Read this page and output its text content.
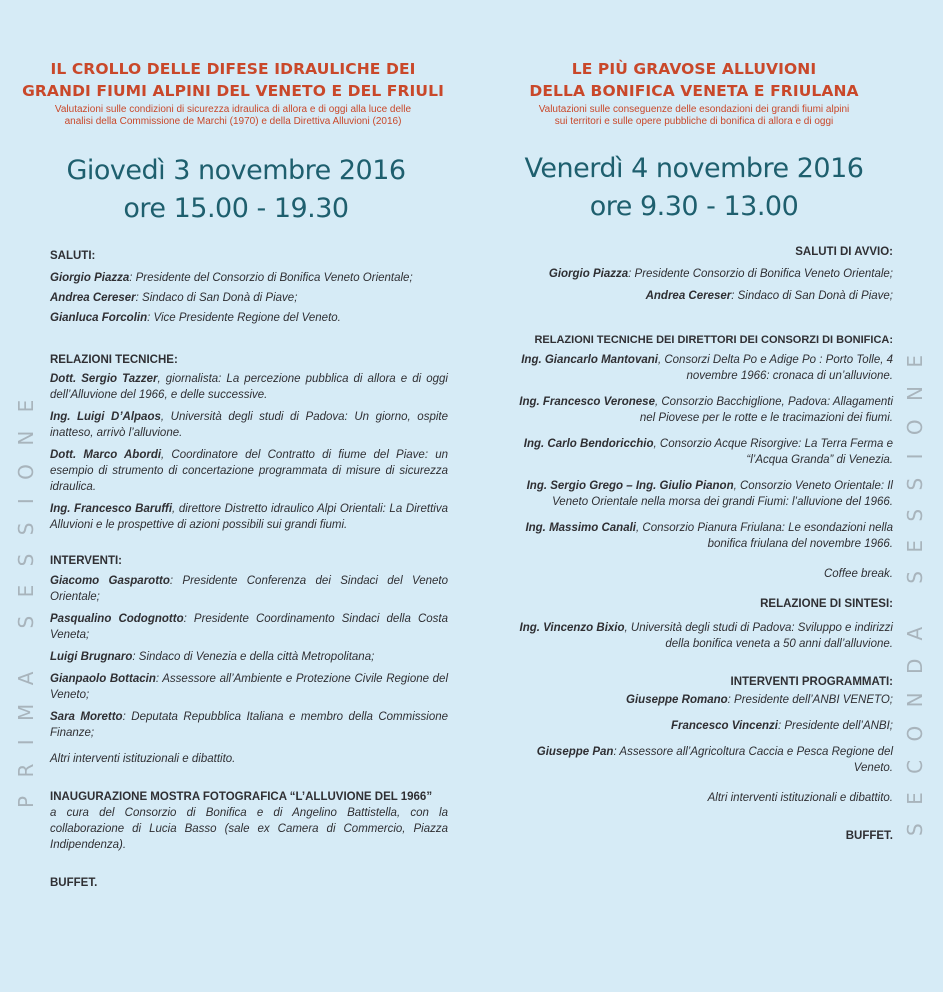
IL CROLLO DELLE DIFESE IDRAULICHE DEI
GRANDI FIUMI ALPINI DEL VENETO E DEL FRIULI
Valutazioni sulle condizioni di sicurezza idraulica di allora e di oggi alla luce delle
analisi della Commissione de Marchi (1970) e della Direttiva Alluvioni (2016)
Giovedì 3 novembre 2016
ore 15.00 - 19.30
SALUTI:

Giorgio Piazza: Presidente del Consorzio di Bonifica Veneto Orientale;

Andrea Cereser: Sindaco di San Donà di Piave;

Gianluca Forcolin: Vice Presidente Regione del Veneto.

RELAZIONI TECNICHE:

Dott. Sergio Tazzer, giornalista: La percezione pubblica di allora e di oggi dell’Alluvione del 1966, e delle successive.

Ing. Luigi D’Alpaos, Università degli studi di Padova: Un giorno, ospite inatteso, arrivò l’alluvione.

Dott. Marco Abordi, Coordinatore del Contratto di fiume del Piave: un esempio di strumento di concertazione programmata di misure di sicurezza idraulica.

Ing. Francesco Baruffi, direttore Distretto idraulico Alpi Orientali: La Direttiva Alluvioni e le prospettive di azioni possibili sui grandi fiumi.

INTERVENTI:

Giacomo Gasparotto: Presidente Conferenza dei Sindaci del Veneto Orientale;

Pasqualino Codognotto: Presidente Coordinamento Sindaci della Costa Veneta;

Luigi Brugnaro: Sindaco di Venezia e della città Metropolitana;

Gianpaolo Bottacin: Assessore all’Ambiente e Protezione Civile Regione del Veneto;

Sara Moretto: Deputata Repubblica Italiana e membro della Commissione Finanze;

Altri interventi istituzionali e dibattito.

INAUGURAZIONE MOSTRA FOTOGRAFICA “L’ALLUVIONE DEL 1966”

a cura del Consorzio di Bonifica e di Angelino Battistella, con la collaborazione di Lucia Basso (sale ex Camera di Commercio, Piazza Indipendenza).

BUFFET.
LE PIÙ GRAVOSE ALLUVIONI
DELLA BONIFICA VENETA E FRIULANA
Valutazioni sulle conseguenze delle esondazioni dei grandi fiumi alpini
sui territori e sulle opere pubbliche di bonifica di allora e di oggi
Venerdì 4 novembre 2016
ore 9.30 - 13.00
SALUTI DI AVVIO:

Giorgio Piazza: Presidente Consorzio di Bonifica Veneto Orientale;

Andrea Cereser: Sindaco di San Donà di Piave;

RELAZIONI TECNICHE DEI DIRETTORI DEI CONSORZI DI BONIFICA:

Ing. Giancarlo Mantovani, Consorzi Delta Po e Adige Po : Porto Tolle, 4 novembre 1966: cronaca di un’alluvione.

Ing. Francesco Veronese, Consorzio Bacchiglione, Padova: Allagamenti nel Piovese per le rotte e le tracimazioni dei fiumi.

Ing. Carlo Bendoricchio, Consorzio Acque Risorgive: La Terra Ferma e “l’Acqua Granda” di Venezia.

Ing. Sergio Grego – Ing. Giulio Pianon, Consorzio Veneto Orientale: Il Veneto Orientale nella morsa dei grandi Fiumi: l’alluvione del 1966.

Ing. Massimo Canali, Consorzio Pianura Friulana: Le esondazioni nella bonifica friulana del novembre 1966.

Coffee break.

RELAZIONE DI SINTESI:

Ing. Vincenzo Bixio, Università degli studi di Padova: Sviluppo e indirizzi della bonifica veneta a 50 anni dall’alluvione.

INTERVENTI PROGRAMMATI:

Giuseppe Romano: Presidente dell’ANBI VENETO;

Francesco Vincenzi: Presidente dell’ANBI;

Giuseppe Pan: Assessore all’Agricoltura Caccia e Pesca Regione del Veneto.

Altri interventi istituzionali e dibattito.

BUFFET.
PRIMA SESSIONE	SECONDA SESSIONE
